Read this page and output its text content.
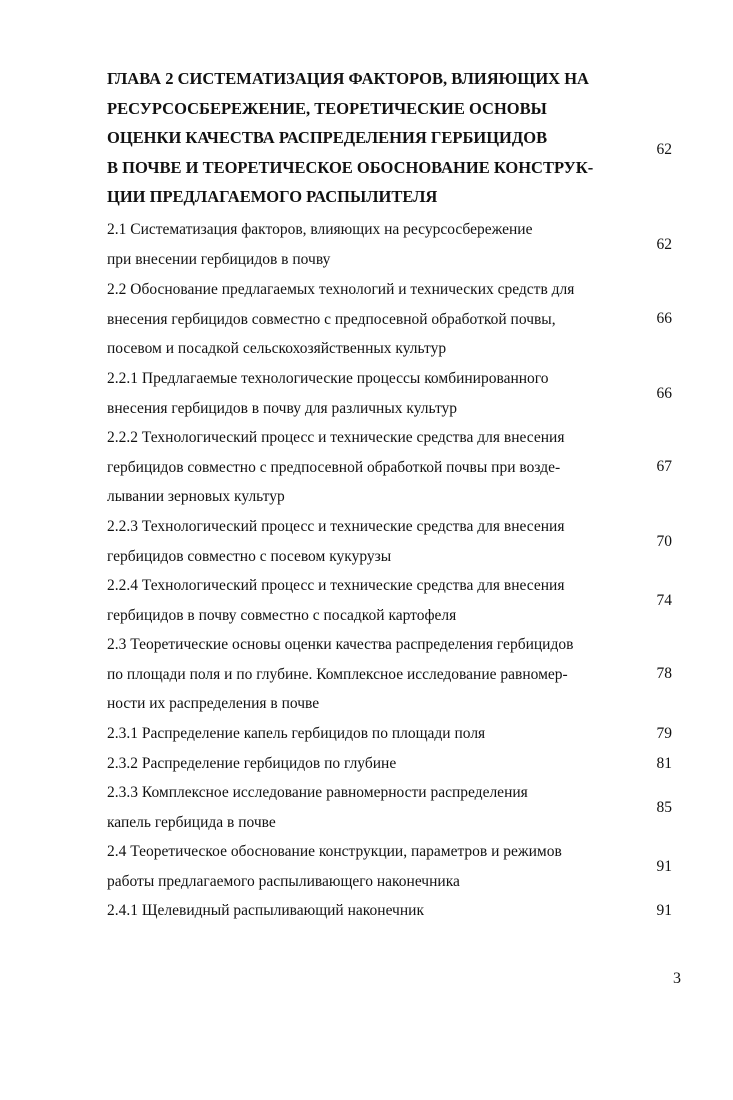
ГЛАВА 2 СИСТЕМАТИЗАЦИЯ ФАКТОРОВ, ВЛИЯЮЩИХ НА
РЕСУРСОСБЕРЕЖЕНИЕ, ТЕОРЕТИЧЕСКИЕ ОСНОВЫ
ОЦЕНКИ КАЧЕСТВА РАСПРЕДЕЛЕНИЯ ГЕРБИЦИДОВ
В ПОЧВЕ И ТЕОРЕТИЧЕСКОЕ ОБОСНОВАНИЕ КОНСТРУК-
ЦИИ ПРЕДЛАГАЕМОГО РАСПЫЛИТЕЛЯ
62
2.1 Систематизация факторов, влияющих на ресурсосбережение
при внесении гербицидов в почву
62
2.2 Обоснование предлагаемых технологий и технических средств для
внесения гербицидов совместно с предпосевной обработкой почвы,
посевом и посадкой сельскохозяйственных культур
66
2.2.1 Предлагаемые технологические процессы комбинированного
внесения гербицидов в почву для различных культур
66
2.2.2 Технологический процесс и технические средства для внесения
гербицидов совместно с предпосевной обработкой почвы при возде-
лывании зерновых культур
67
2.2.3 Технологический процесс и технические средства для внесения
гербицидов совместно с посевом кукурузы
70
2.2.4 Технологический процесс и технические средства для внесения
гербицидов в почву совместно с посадкой картофеля
74
2.3 Теоретические основы оценки качества распределения гербицидов
по площади поля и по глубине. Комплексное исследование равномер-
ности их распределения в почве
78
2.3.1 Распределение капель гербицидов по площади поля	79
2.3.2 Распределение гербицидов по глубине	81
2.3.3 Комплексное исследование равномерности распределения
капель гербицида в почве
85
2.4 Теоретическое обоснование конструкции, параметров и режимов
работы предлагаемого распыливающего наконечника
91
2.4.1 Щелевидный распыливающий наконечник	91
3
